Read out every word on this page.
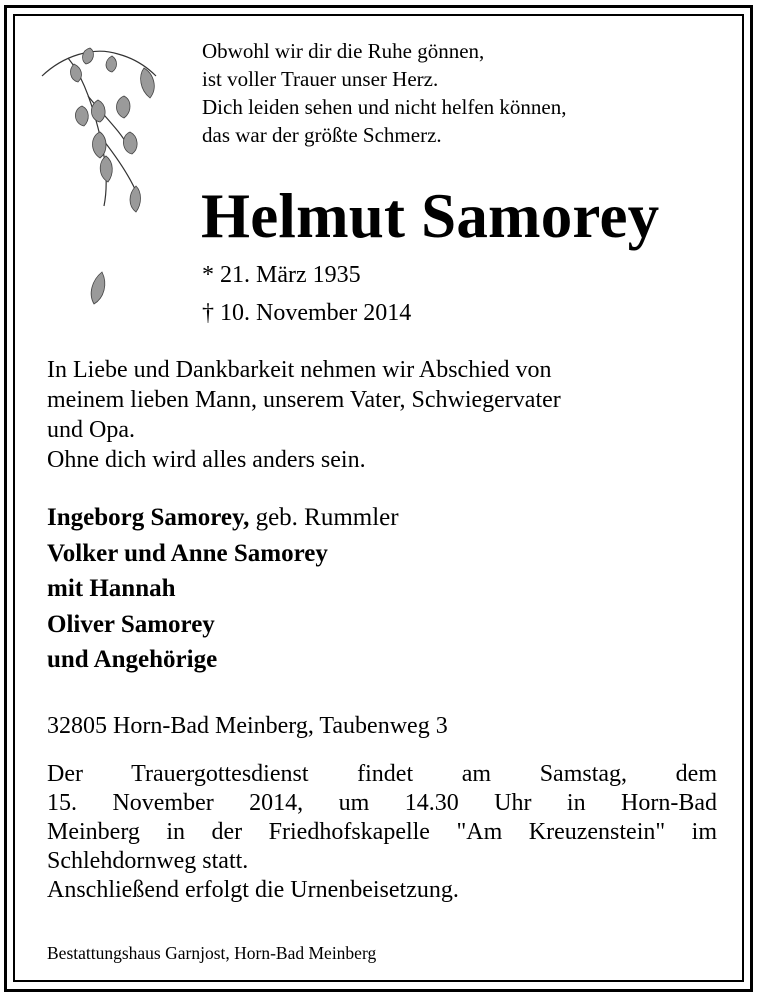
Obwohl wir dir die Ruhe gönnen,
ist voller Trauer unser Herz.
Dich leiden sehen und nicht helfen können,
das war der größte Schmerz.
Helmut Samorey
* 21. März 1935
† 10. November 2014
In Liebe und Dankbarkeit nehmen wir Abschied von
meinem lieben Mann, unserem Vater, Schwiegervater
und Opa.
Ohne dich wird alles anders sein.
Ingeborg Samorey, geb. Rummler
Volker und Anne Samorey
mit Hannah
Oliver Samorey
und Angehörige
32805 Horn-Bad Meinberg, Taubenweg 3
Der Trauergottesdienst findet am Samstag, dem
15. November 2014, um 14.30 Uhr in Horn-Bad
Meinberg in der Friedhofskapelle "Am Kreuzenstein" im
Schlehdornweg statt.
Anschließend erfolgt die Urnenbeisetzung.
Bestattungshaus Garnjost, Horn-Bad Meinberg
